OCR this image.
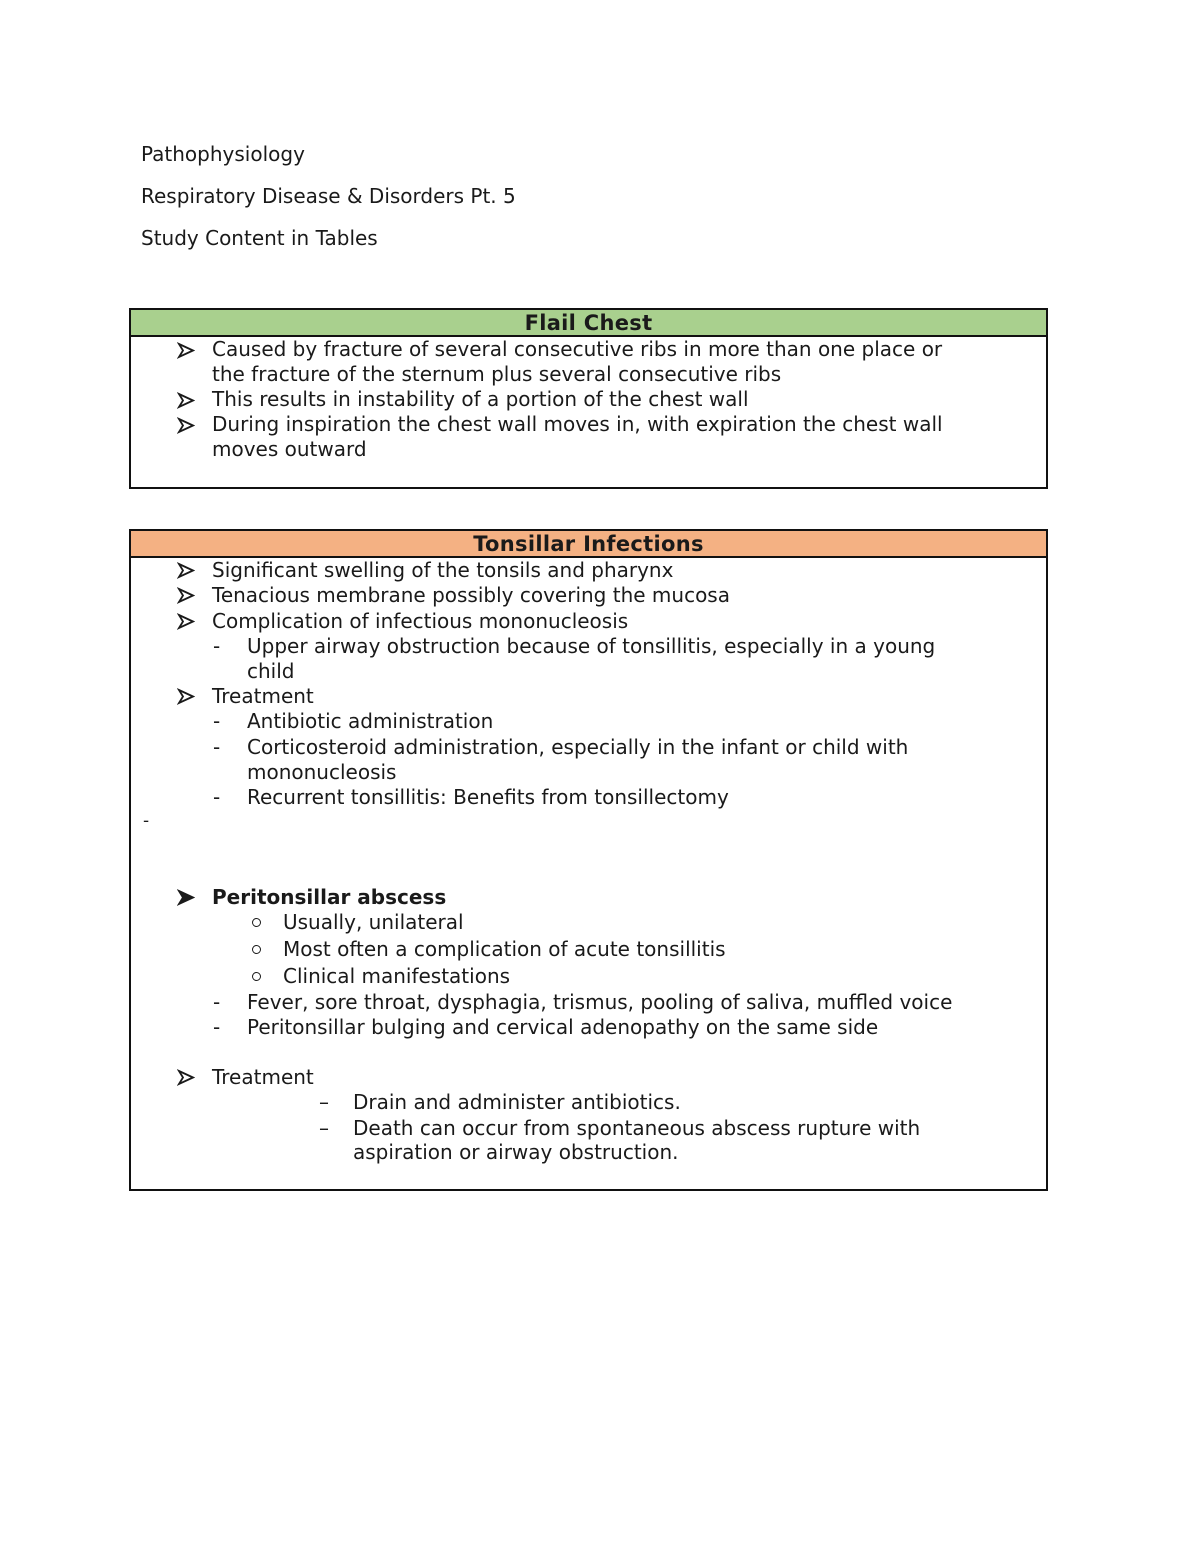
Pathophysiology
Respiratory Disease & Disorders Pt. 5
Study Content in Tables
Flail Chest
Caused by fracture of several consecutive ribs in more than one place or
the fracture of the sternum plus several consecutive ribs
This results in instability of a portion of the chest wall
During inspiration the chest wall moves in, with expiration the chest wall
moves outward
Tonsillar Infections
Significant swelling of the tonsils and pharynx
Tenacious membrane possibly covering the mucosa
Complication of infectious mononucleosis
- Upper airway obstruction because of tonsillitis, especially in a young
child
Treatment
- Antibiotic administration
- Corticosteroid administration, especially in the infant or child with
mononucleosis
- Recurrent tonsillitis: Benefits from tonsillectomy
-
Peritonsillar abscess
Usually, unilateral
Most often a complication of acute tonsillitis
Clinical manifestations
- Fever, sore throat, dysphagia, trismus, pooling of saliva, muffled voice
- Peritonsillar bulging and cervical adenopathy on the same side
Treatment
– Drain and administer antibiotics.
– Death can occur from spontaneous abscess rupture with
aspiration or airway obstruction.
